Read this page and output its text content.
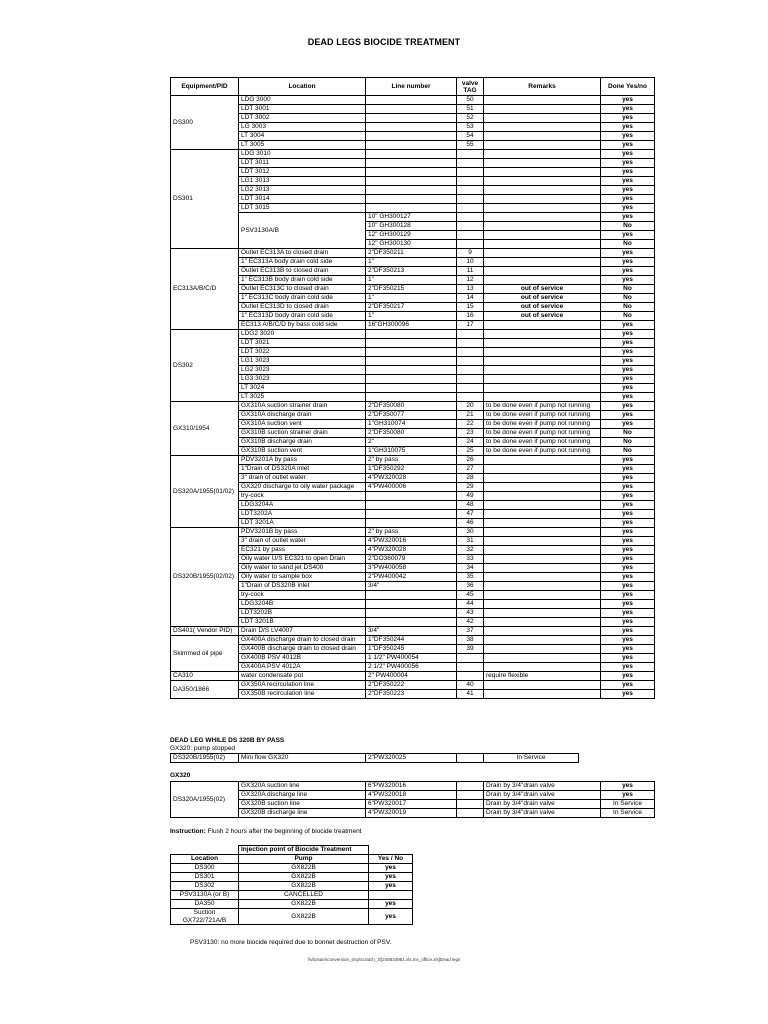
DEAD LEGS BIOCIDE TREATMENT
Equipment/PID	Location	Line number	valve TAG	Remarks	Done Yes/no
DS300	LDG 3000		50		yes
	LDT 3001		51		yes
	LDT 3002		52		yes
	LG 3003		53		yes
	LT 3004		54		yes
	LT 3005		55		yes
DS301	LDG 3010				yes
	LDT 3011				yes
	LDT 3012				yes
	LG1 3013				yes
	LG2 3013				yes
	LDT 3014				yes
	LDT 3015				yes
	PSV3130A/B	10" GH300127			yes
		10" GH300128			No
		12" GH300129			yes
		12" GH300130			No
EC313A/B/C/D	Outlet EC313A to closed drain	2"DF350211	9		yes
	1" EC313A body drain cold side	1"	10		yes
	Outlet EC313B to closed drain	2"DF350213	11		yes
	1" EC313B body drain cold side	1"	12		yes
	Outlet EC313C to closed drain	2"DF350215	13	out of service	No
	1" EC313C body drain cold side	1"	14	out of service	No
	Outlet EC313D to closed drain	2"DF350217	15	out of service	No
	1" EC313D body drain cold side	1"	16	out of service	No
	EC313 A/B/C/D by bass cold side	16"GH300096	17		yes
DS302	LDG2 3020				yes
	LDT 3021				yes
	LDT 3022				yes
	LG1 3023				yes
	LG2 3023				yes
	LG3 3023				yes
	LT 3024				yes
	LT 3025				yes
GX310/1954	GX310A suction strainer drain	2"DF350080	20	to be done even if pump not running	yes
	GX310A discharge drain	2"DF350077	21	to be done even if pump not running	yes
	GX310A suction vent	1"GH310074	22	to be done even if pump not running	yes
	GX310B suction strainer drain	2"DF350080	23	to be done even if pump not running	No
	GX310B discharge drain	2"	24	to be done even if pump not running	No
	GX310B suction vent	1"GH310075	25	to be done even if pump not running	No
DS320A/1955(01/02)	PDV3201A by pass	2" by pass	26		yes
	1"Drain of DS320A inlet	1"DF350292	27		yes
	3" drain of outlet water	4"PW320028	28		yes
	GX320 discharge to oily water package	4"PW400006	29		yes
	try-cock		49		yes
	LDG3204A		48		yes
	LDT3202A		47		yes
	LDT 3201A		46		yes
DS320B/1955(02/02)	PDV3201B by pass	2" by pass	30		yes
	3" drain of outlet water	4"PW320016	31		yes
	EC321 by pass	4"PW320028	32		yes
	Oily water U/S EC321 to open Drain	2"DO360079	33		yes
	Oily water to sand jet DS400	3"PW400058	34		yes
	Oily water to sample box	2"PW400042	35		yes
	1"Drain of DS320B inlet	3/4"	36		yes
	try-cock		45		yes
	LDG3204B		44		yes
	LDT3202B		43		yes
	LDT 3201B		42		yes
DS401( Vendor PID)	Drain D/S LV4007	3/4"	37		yes
Skimmed oil pipe	GX400A discharge drain to closed drain	1"DF350244	38		yes
	GX400B discharge drain to closed drain	1"DF350245	39		yes
	GX400B PSV 4012B	1 1/2" PW400054			yes
	GX400A PSV 4012A	2 1/2" PW400056			yes
CA310	water condensate pot	2" PW400004		require flexible	yes
DA350/1866	GX350A recirculation line	2"DF350222	40		yes
	GX350B recirculation line	2"DF350223	41		yes
DEAD LEG WHILE DS 320B BY PASS
GX320: pump stopped
DS320B/1955(02)	Mini flow GX320	2"PW320025		In Service
GX320
DS320A/1955(02)	GX320A suction line	6"PW320016		Drain by 3/4"drain valve	yes
	GX320A discharge line	4"PW320018		Drain by 3/4"drain valve	yes
	GX320B suction line	6"PW320017		Drain by 3/4"drain valve	In Service
	GX320B discharge line	4"PW320019		Drain by 3/4"drain valve	In Service
Instruction: Flush 2 hours after the beginning of biocide treatment
	Injection point of Biocide Treatment	
Location	Pump	Yes / No
DS300	GX822B	yes
DS301	GX822B	yes
DS302	GX822B	yes
PSV3130A (or B)	CANCELLED	
DA350	GX822B	yes
Suction GX722/721A/B	GX822B	yes
PSV3130: no more biocide required due to bonnet destruction of PSV.
\\vbosam\conversion_tmp\scratch_3\[248834951.xls.ms_office.xls]Dead legs
